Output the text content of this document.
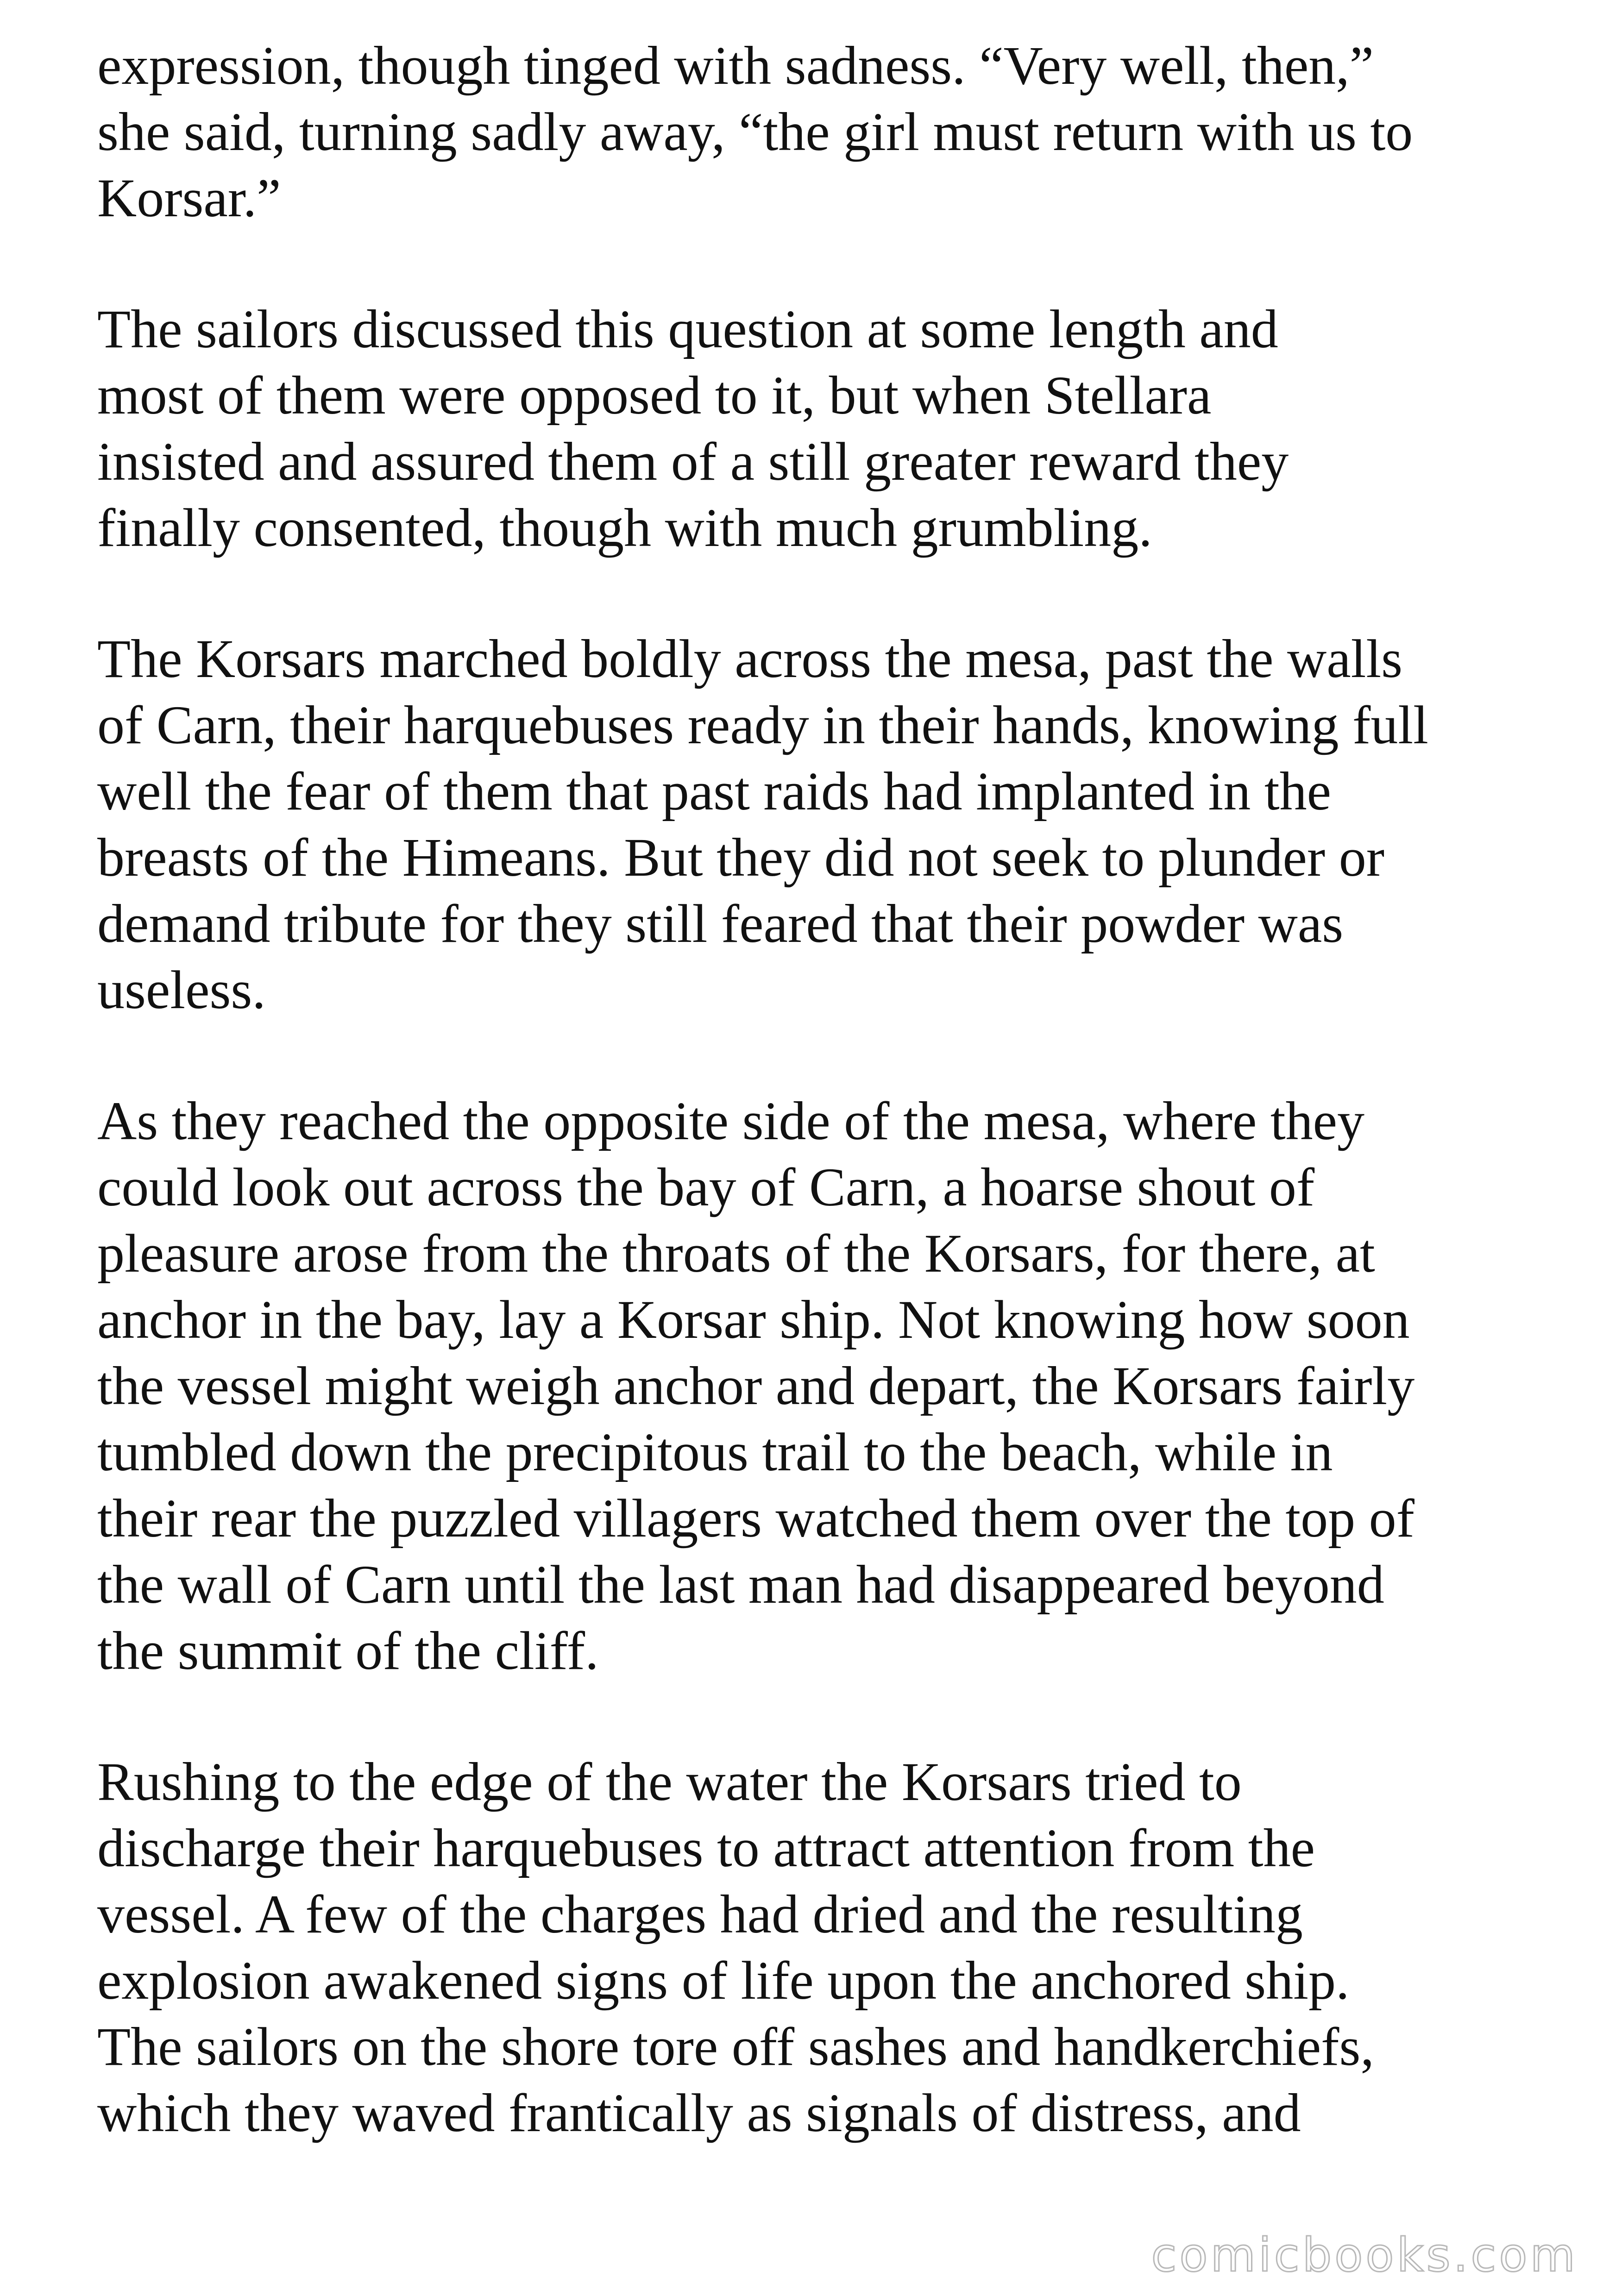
expression, though tinged with sadness. “Very well, then,”
she said, turning sadly away, “the girl must return with us to
Korsar.”

The sailors discussed this question at some length and
most of them were opposed to it, but when Stellara
insisted and assured them of a still greater reward they
finally consented, though with much grumbling.

The Korsars marched boldly across the mesa, past the walls
of Carn, their harquebuses ready in their hands, knowing full
well the fear of them that past raids had implanted in the
breasts of the Himeans. But they did not seek to plunder or
demand tribute for they still feared that their powder was
useless.

As they reached the opposite side of the mesa, where they
could look out across the bay of Carn, a hoarse shout of
pleasure arose from the throats of the Korsars, for there, at
anchor in the bay, lay a Korsar ship. Not knowing how soon
the vessel might weigh anchor and depart, the Korsars fairly
tumbled down the precipitous trail to the beach, while in
their rear the puzzled villagers watched them over the top of
the wall of Carn until the last man had disappeared beyond
the summit of the cliff.

Rushing to the edge of the water the Korsars tried to
discharge their harquebuses to attract attention from the
vessel. A few of the charges had dried and the resulting
explosion awakened signs of life upon the anchored ship.
The sailors on the shore tore off sashes and handkerchiefs,
which they waved frantically as signals of distress, and

comicbooks.com
